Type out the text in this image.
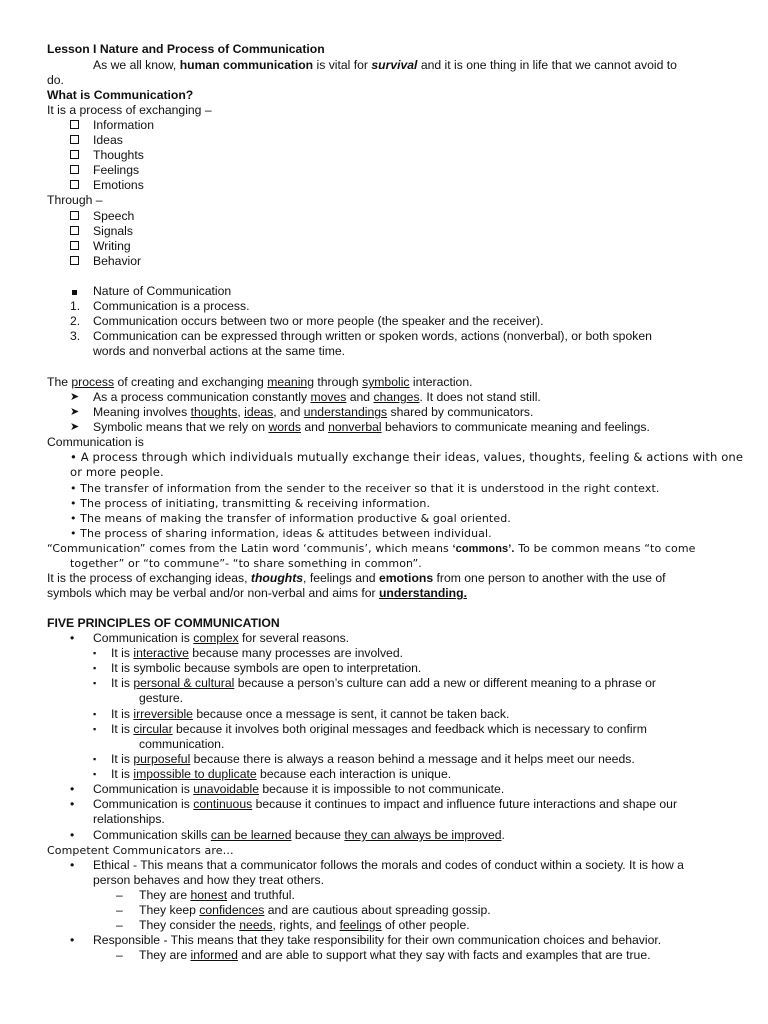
Lesson I Nature and Process of Communication
As we all know, human communication is vital for survival and it is one thing in life that we cannot avoid to
do.
What is Communication?
It is a process of exchanging –
Information
Ideas
Thoughts
Feelings
Emotions
Through –
Speech
Signals
Writing
Behavior
Nature of Communication
1. Communication is a process.
2. Communication occurs between two or more people (the speaker and the receiver).
3. Communication can be expressed through written or spoken words, actions (nonverbal), or both spoken
words and nonverbal actions at the same time.
The process of creating and exchanging meaning through symbolic interaction.
➤ As a process communication constantly moves and changes. It does not stand still.
➤ Meaning involves thoughts, ideas, and understandings shared by communicators.
➤ Symbolic means that we rely on words and nonverbal behaviors to communicate meaning and feelings.
Communication is
• A process through which individuals mutually exchange their ideas, values, thoughts, feeling & actions with one
or more people.
• The transfer of information from the sender to the receiver so that it is understood in the right context.
• The process of initiating, transmitting & receiving information.
• The means of making the transfer of information productive & goal oriented.
• The process of sharing information, ideas & attitudes between individual.
“Communication” comes from the Latin word ‘communis’, which means ‘commons’. To be common means “to come
together” or “to commune”- “to share something in common”.
It is the process of exchanging ideas, thoughts, feelings and emotions from one person to another with the use of
symbols which may be verbal and/or non-verbal and aims for understanding.
FIVE PRINCIPLES OF COMMUNICATION
• Communication is complex for several reasons.
▪ It is interactive because many processes are involved.
▪ It is symbolic because symbols are open to interpretation.
▪ It is personal & cultural because a person’s culture can add a new or different meaning to a phrase or
gesture.
▪ It is irreversible because once a message is sent, it cannot be taken back.
▪ It is circular because it involves both original messages and feedback which is necessary to confirm
communication.
▪ It is purposeful because there is always a reason behind a message and it helps meet our needs.
▪ It is impossible to duplicate because each interaction is unique.
• Communication is unavoidable because it is impossible to not communicate.
• Communication is continuous because it continues to impact and influence future interactions and shape our
relationships.
• Communication skills can be learned because they can always be improved.
Competent Communicators are…
• Ethical - This means that a communicator follows the morals and codes of conduct within a society. It is how a
person behaves and how they treat others.
– They are honest and truthful.
– They keep confidences and are cautious about spreading gossip.
– They consider the needs, rights, and feelings of other people.
• Responsible - This means that they take responsibility for their own communication choices and behavior.
– They are informed and are able to support what they say with facts and examples that are true.
